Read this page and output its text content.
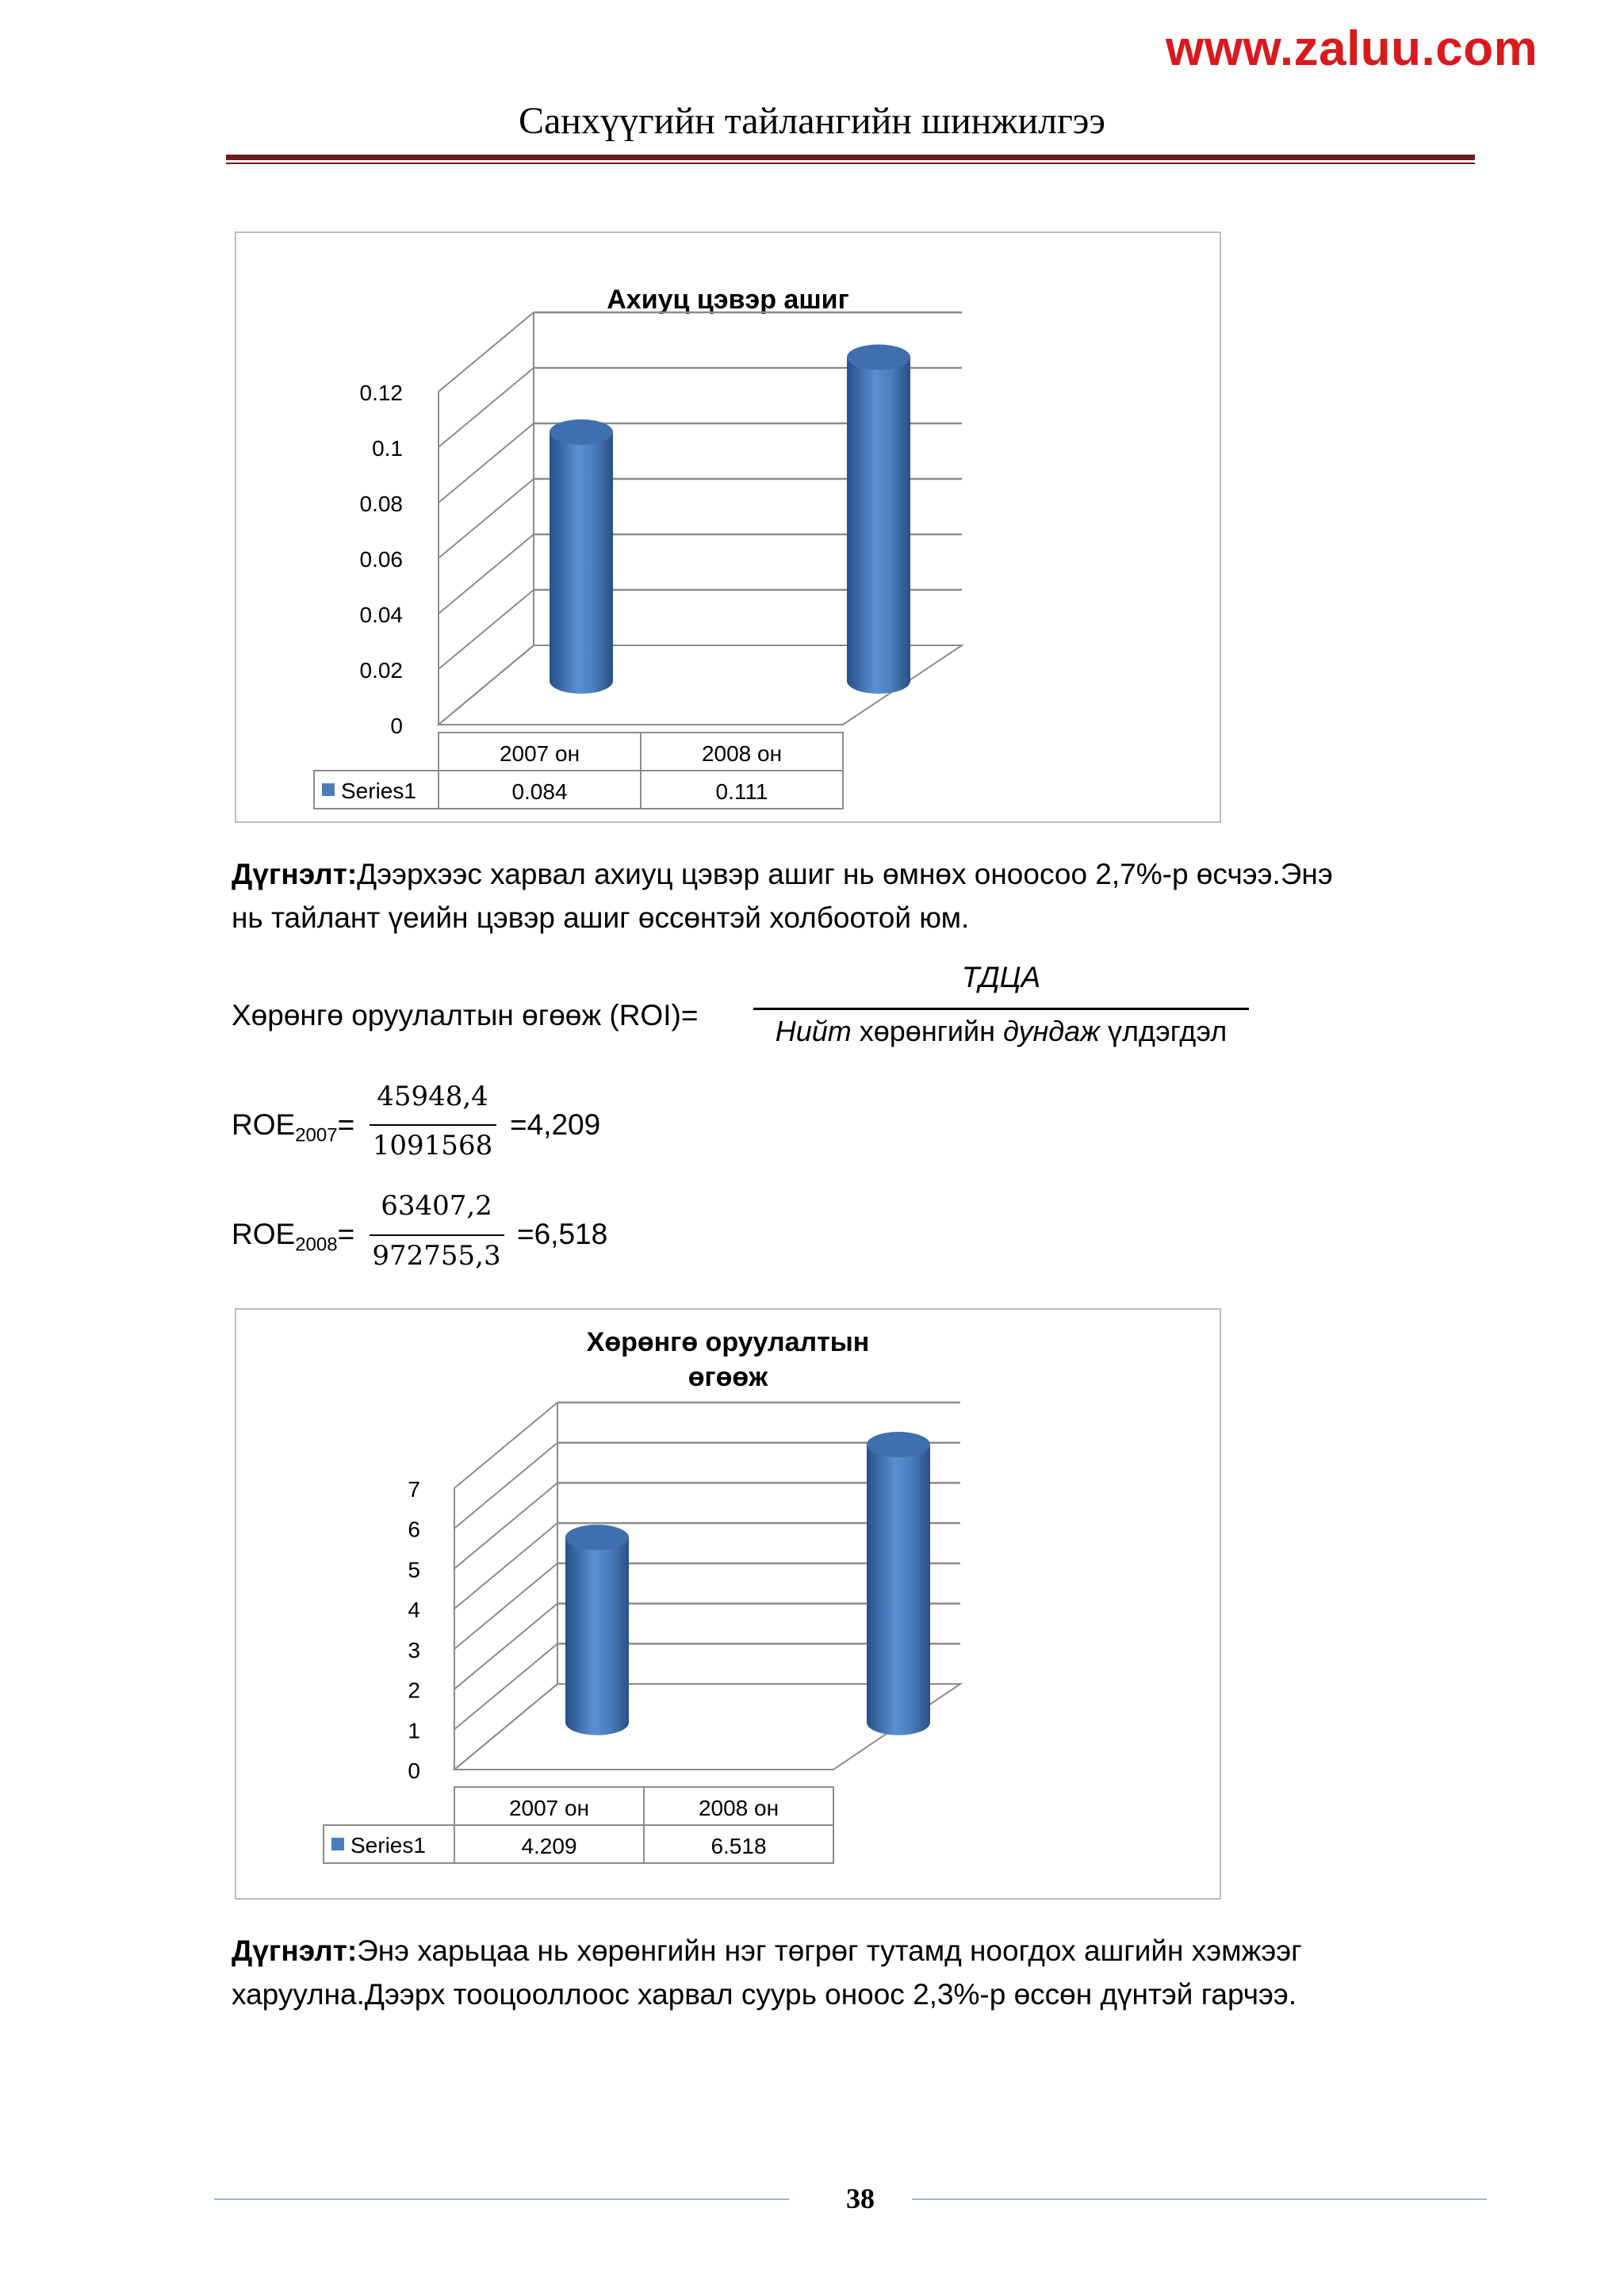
www.zaluu.com
Санхүүгийн тайлангийн шинжилгээ
Ахиуц цэвэр ашиг
0
0.02
0.04
0.06
0.08
0.1
0.12
2007 он
0.084
2008 он
0.111
Series1
Дүгнэлт:Дээрхээс харвал ахиуц цэвэр ашиг нь өмнөх оноосоо 2,7%-р өсчээ.Энэ
нь тайлант үеийн цэвэр ашиг өссөнтэй холбоотой юм.
Хөрөнгө оруулалтын өгөөж (ROI)=
ТДЦА
Нийт хөрөнгийн дундаж үлдэгдэл
$ROE_{2007}=$
45948,4
1091568
=4,209
$ROE_{2008}=$
63407,2
972755,3
=6,518
Хөрөнгө оруулалтын
өгөөж
0
1
2
3
4
5
6
7
2007 он
4.209
2008 он
6.518
Series1
Дүгнэлт:Энэ харьцаа нь хөрөнгийн нэг төгрөг тутамд ноогдох ашгийн хэмжээг
харуулна.Дээрх тооцооллоос харвал суурь оноос 2,3%-р өссөн дүнтэй гарчээ.
38
